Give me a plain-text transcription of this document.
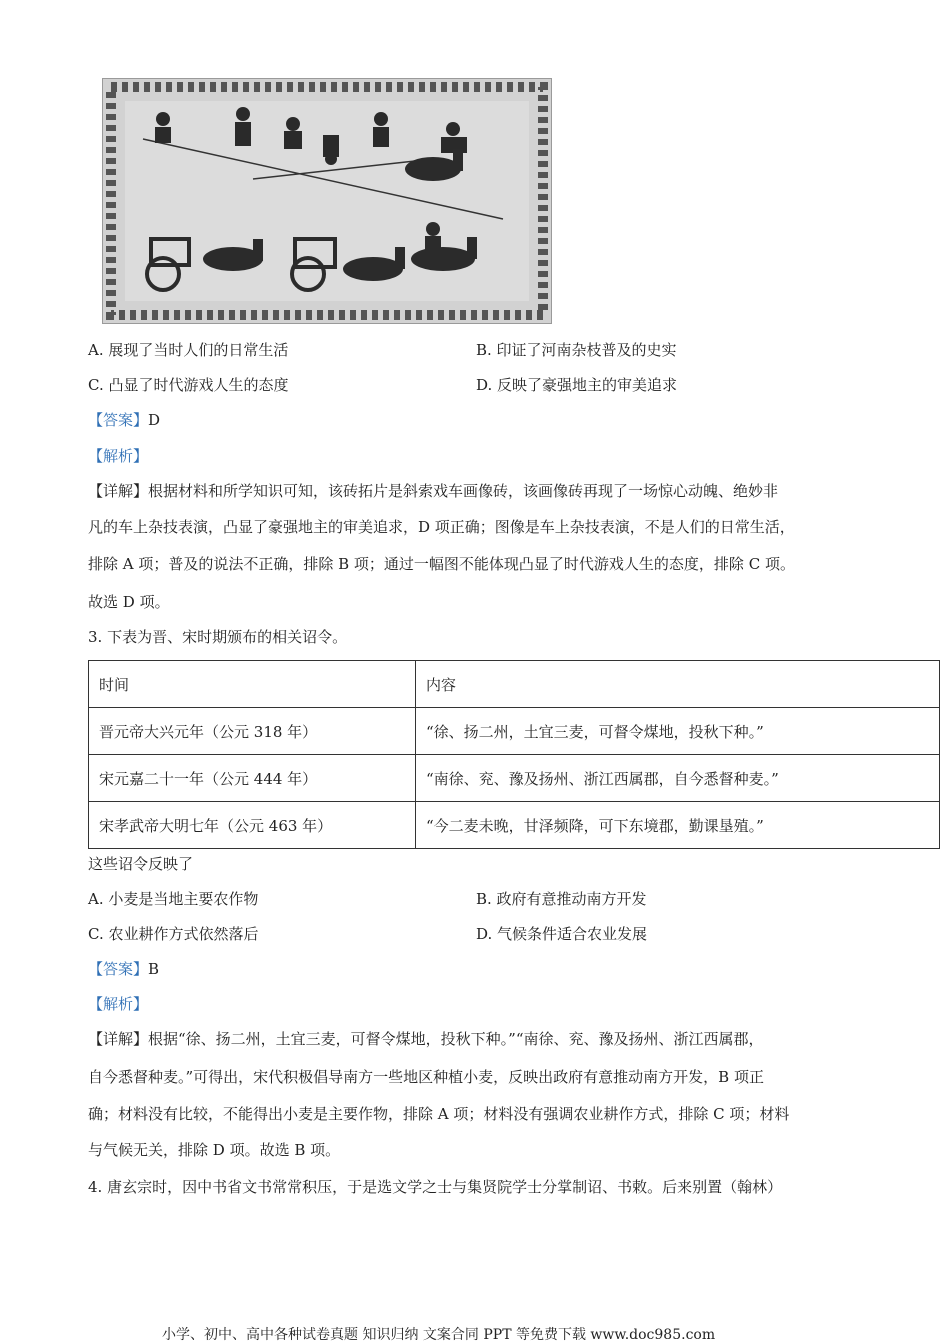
A. 展现了当时人们的日常生活	B. 印证了河南杂枝普及的史实
C. 凸显了时代游戏人生的态度	D. 反映了豪强地主的审美追求
【答案】D
【解析】
【详解】根据材料和所学知识可知，该砖拓片是斜索戏车画像砖，该画像砖再现了一场惊心动魄、绝妙非
凡的车上杂技表演，凸显了豪强地主的审美追求，D 项正确；图像是车上杂技表演，不是人们的日常生活，
排除 A 项；普及的说法不正确，排除 B 项；通过一幅图不能体现凸显了时代游戏人生的态度，排除 C 项。
故选 D 项。
3. 下表为晋、宋时期颁布的相关诏令。
时间	内容
晋元帝大兴元年（公元 318 年）	“徐、扬二州，土宜三麦，可督令煤地，投秋下种。”
宋元嘉二十一年（公元 444 年）	“南徐、兖、豫及扬州、浙江西属郡，自今悉督种麦。”
宋孝武帝大明七年（公元 463 年）	“今二麦未晚，甘泽频降，可下东境郡，勤课垦殖。”
这些诏令反映了
A. 小麦是当地主要农作物	B. 政府有意推动南方开发
C. 农业耕作方式依然落后	D. 气候条件适合农业发展
【答案】B
【解析】
【详解】根据“徐、扬二州，土宜三麦，可督令煤地，投秋下种。”“南徐、兖、豫及扬州、浙江西属郡，
自今悉督种麦。”可得出，宋代积极倡导南方一些地区种植小麦，反映出政府有意推动南方开发，B 项正
确；材料没有比较，不能得出小麦是主要作物，排除 A 项；材料没有强调农业耕作方式，排除 C 项；材料
与气候无关，排除 D 项。故选 B 项。
4. 唐玄宗时，因中书省文书常常积压，于是选文学之士与集贤院学士分掌制诏、书敕。后来别置（翰林）
小学、初中、高中各种试卷真题 知识归纳 文案合同 PPT 等免费下载 www.doc985.com
